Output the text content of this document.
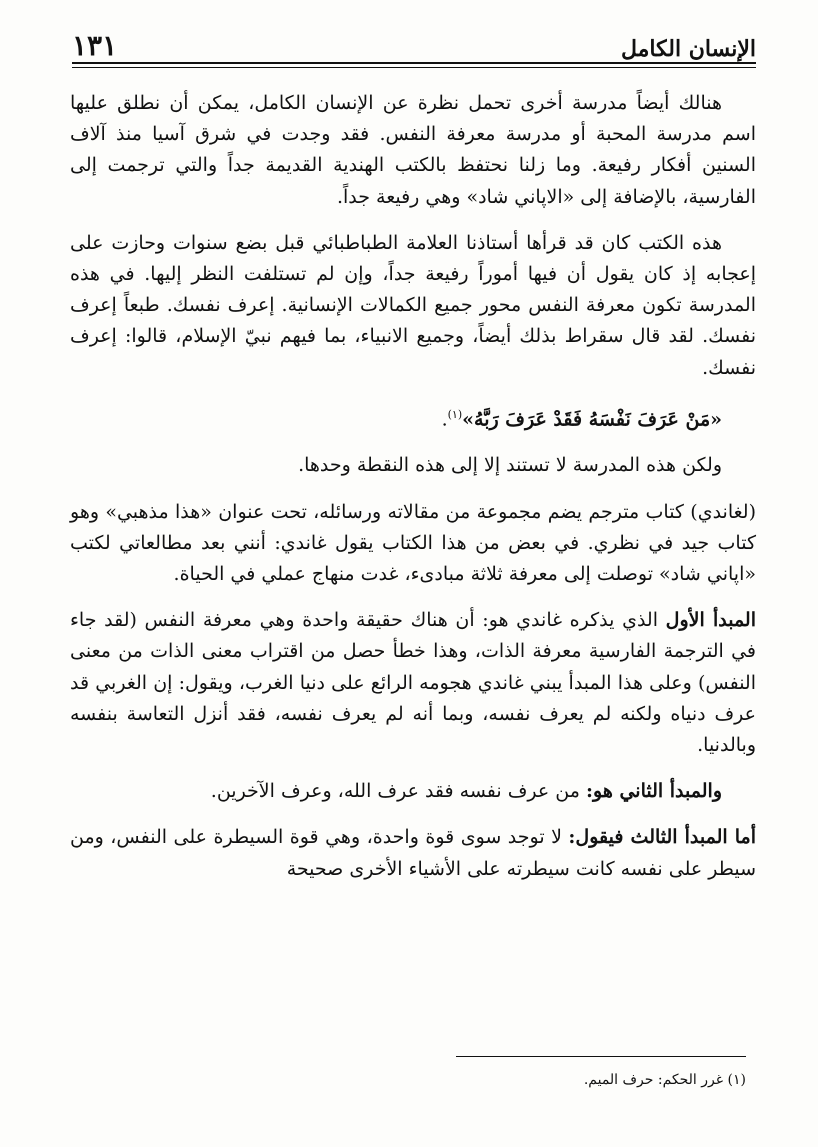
١٣١	الإنسان الكامل

هنالك أيضاً مدرسة أخرى تحمل نظرة عن الإنسان الكامل، يمكن أن نطلق عليها اسم مدرسة المحبة أو مدرسة معرفة النفس. فقد وجدت في شرق آسيا منذ آلاف السنين أفكار رفيعة. وما زلنا نحتفظ بالكتب الهندية القديمة جداً والتي ترجمت إلى الفارسية، بالإضافة إلى «الاپاني شاد» وهي رفيعة جداً.

هذه الكتب كان قد قرأها أستاذنا العلامة الطباطبائي قبل بضع سنوات وحازت على إعجابه إذ كان يقول أن فيها أموراً رفيعة جداً، وإن لم تستلفت النظر إليها. في هذه المدرسة تكون معرفة النفس محور جميع الكمالات الإنسانية. إعرف نفسك. طبعاً إعرف نفسك. لقد قال سقراط بذلك أيضاً، وجميع الانبياء، بما فيهم نبيّ الإسلام، قالوا: إعرف نفسك.

«مَنْ عَرَفَ نَفْسَهُ فَقَدْ عَرَفَ رَبَّهُ»$^{(١)}$.

ولكن هذه المدرسة لا تستند إلا إلى هذه النقطة وحدها.

(لغاندي) كتاب مترجم يضم مجموعة من مقالاته ورسائله، تحت عنوان «هذا مذهبي» وهو كتاب جيد في نظري. في بعض من هذا الكتاب يقول غاندي: أنني بعد مطالعاتي لكتب «اپاني شاد» توصلت إلى معرفة ثلاثة مبادىء، غدت منهاج عملي في الحياة.

المبدأ الأول الذي يذكره غاندي هو: أن هناك حقيقة واحدة وهي معرفة النفس (لقد جاء في الترجمة الفارسية معرفة الذات، وهذا خطأ حصل من اقتراب معنى الذات من معنى النفس) وعلى هذا المبدأ يبني غاندي هجومه الرائع على دنيا الغرب، ويقول: إن الغربي قد عرف دنياه ولكنه لم يعرف نفسه، وبما أنه لم يعرف نفسه، فقد أنزل التعاسة بنفسه وبالدنيا.

والمبدأ الثاني هو: من عرف نفسه فقد عرف الله، وعرف الآخرين.

أما المبدأ الثالث فيقول: لا توجد سوى قوة واحدة، وهي قوة السيطرة على النفس، ومن سيطر على نفسه كانت سيطرته على الأشياء الأخرى صحيحة

(١) غرر الحكم: حرف الميم.
